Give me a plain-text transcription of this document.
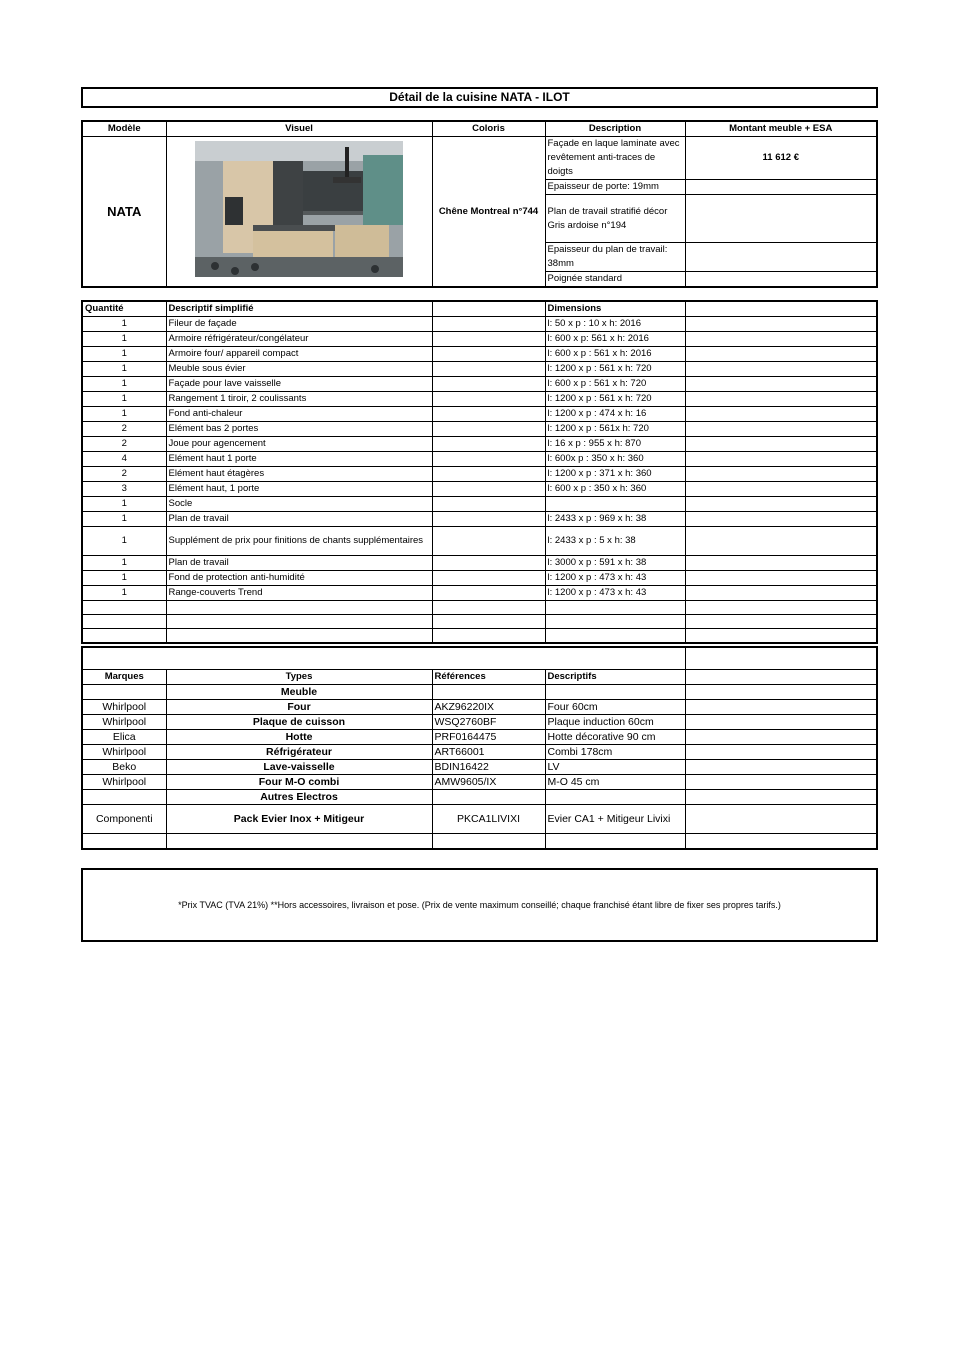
Détail de la cuisine NATA - ILOT
Modèle	Visuel	Coloris	Description	Montant meuble + ESA
NATA		Chêne Montreal n°744	Façade en laque laminate avec revêtement anti-traces de doigts	11 612 €
			Epaisseur de porte: 19mm	
			Plan de travail stratifié décor Gris ardoise n°194	
			Epaisseur du plan de travail: 38mm	
			Poignée standard	
Quantité	Descriptif simplifié		Dimensions	
1	Fileur de façade		l: 50 x p : 10 x h: 2016	
1	Armoire réfrigérateur/congélateur		l: 600 x p: 561 x h: 2016	
1	Armoire four/ appareil compact		l: 600 x p : 561 x h: 2016	
1	Meuble sous évier		l: 1200 x p : 561 x h: 720	
1	Façade pour lave vaisselle		l: 600 x p : 561 x h: 720	
1	Rangement 1 tiroir, 2 coulissants		l: 1200 x p : 561 x h: 720	
1	Fond anti-chaleur		l: 1200 x p : 474 x h: 16	
2	Elément bas 2 portes		l: 1200 x p : 561x h: 720	
2	Joue pour agencement		l: 16 x p : 955 x h: 870	
4	Elément haut 1 porte		l: 600x p : 350 x h: 360	
2	Elément haut étagères		l: 1200 x p : 371 x h: 360	
3	Elément haut, 1 porte		l: 600 x p : 350 x h: 360	
1	Socle			
1	Plan de travail		l: 2433 x p : 969 x h: 38	
1	Supplément de prix pour finitions de chants supplémentaires		l: 2433 x p : 5 x h: 38	
1	Plan de travail		l: 3000 x p : 591 x h: 38	
1	Fond de protection anti-humidité		l: 1200 x p : 473 x h: 43	
1	Range-couverts Trend		l: 1200 x p : 473 x h: 43	

Marques	Types	Références	Descriptifs	
	Meuble			
Whirlpool	Four	AKZ96220IX	Four 60cm	
Whirlpool	Plaque de cuisson	WSQ2760BF	Plaque induction 60cm	
Elica	Hotte	PRF0164475	Hotte décorative 90 cm	
Whirlpool	Réfrigérateur	ART66001	Combi 178cm	
Beko	Lave-vaisselle	BDIN16422	LV	
Whirlpool	Four M-O combi	AMW9605/IX	M-O 45 cm	
	Autres Electros			
Componenti	Pack Evier Inox + Mitigeur	PKCA1LIVIXI	Evier CA1 + Mitigeur Livixi	

*Prix TVAC (TVA 21%) **Hors accessoires, livraison et pose. (Prix de vente maximum conseillé; chaque franchisé étant libre de fixer ses propres tarifs.)
